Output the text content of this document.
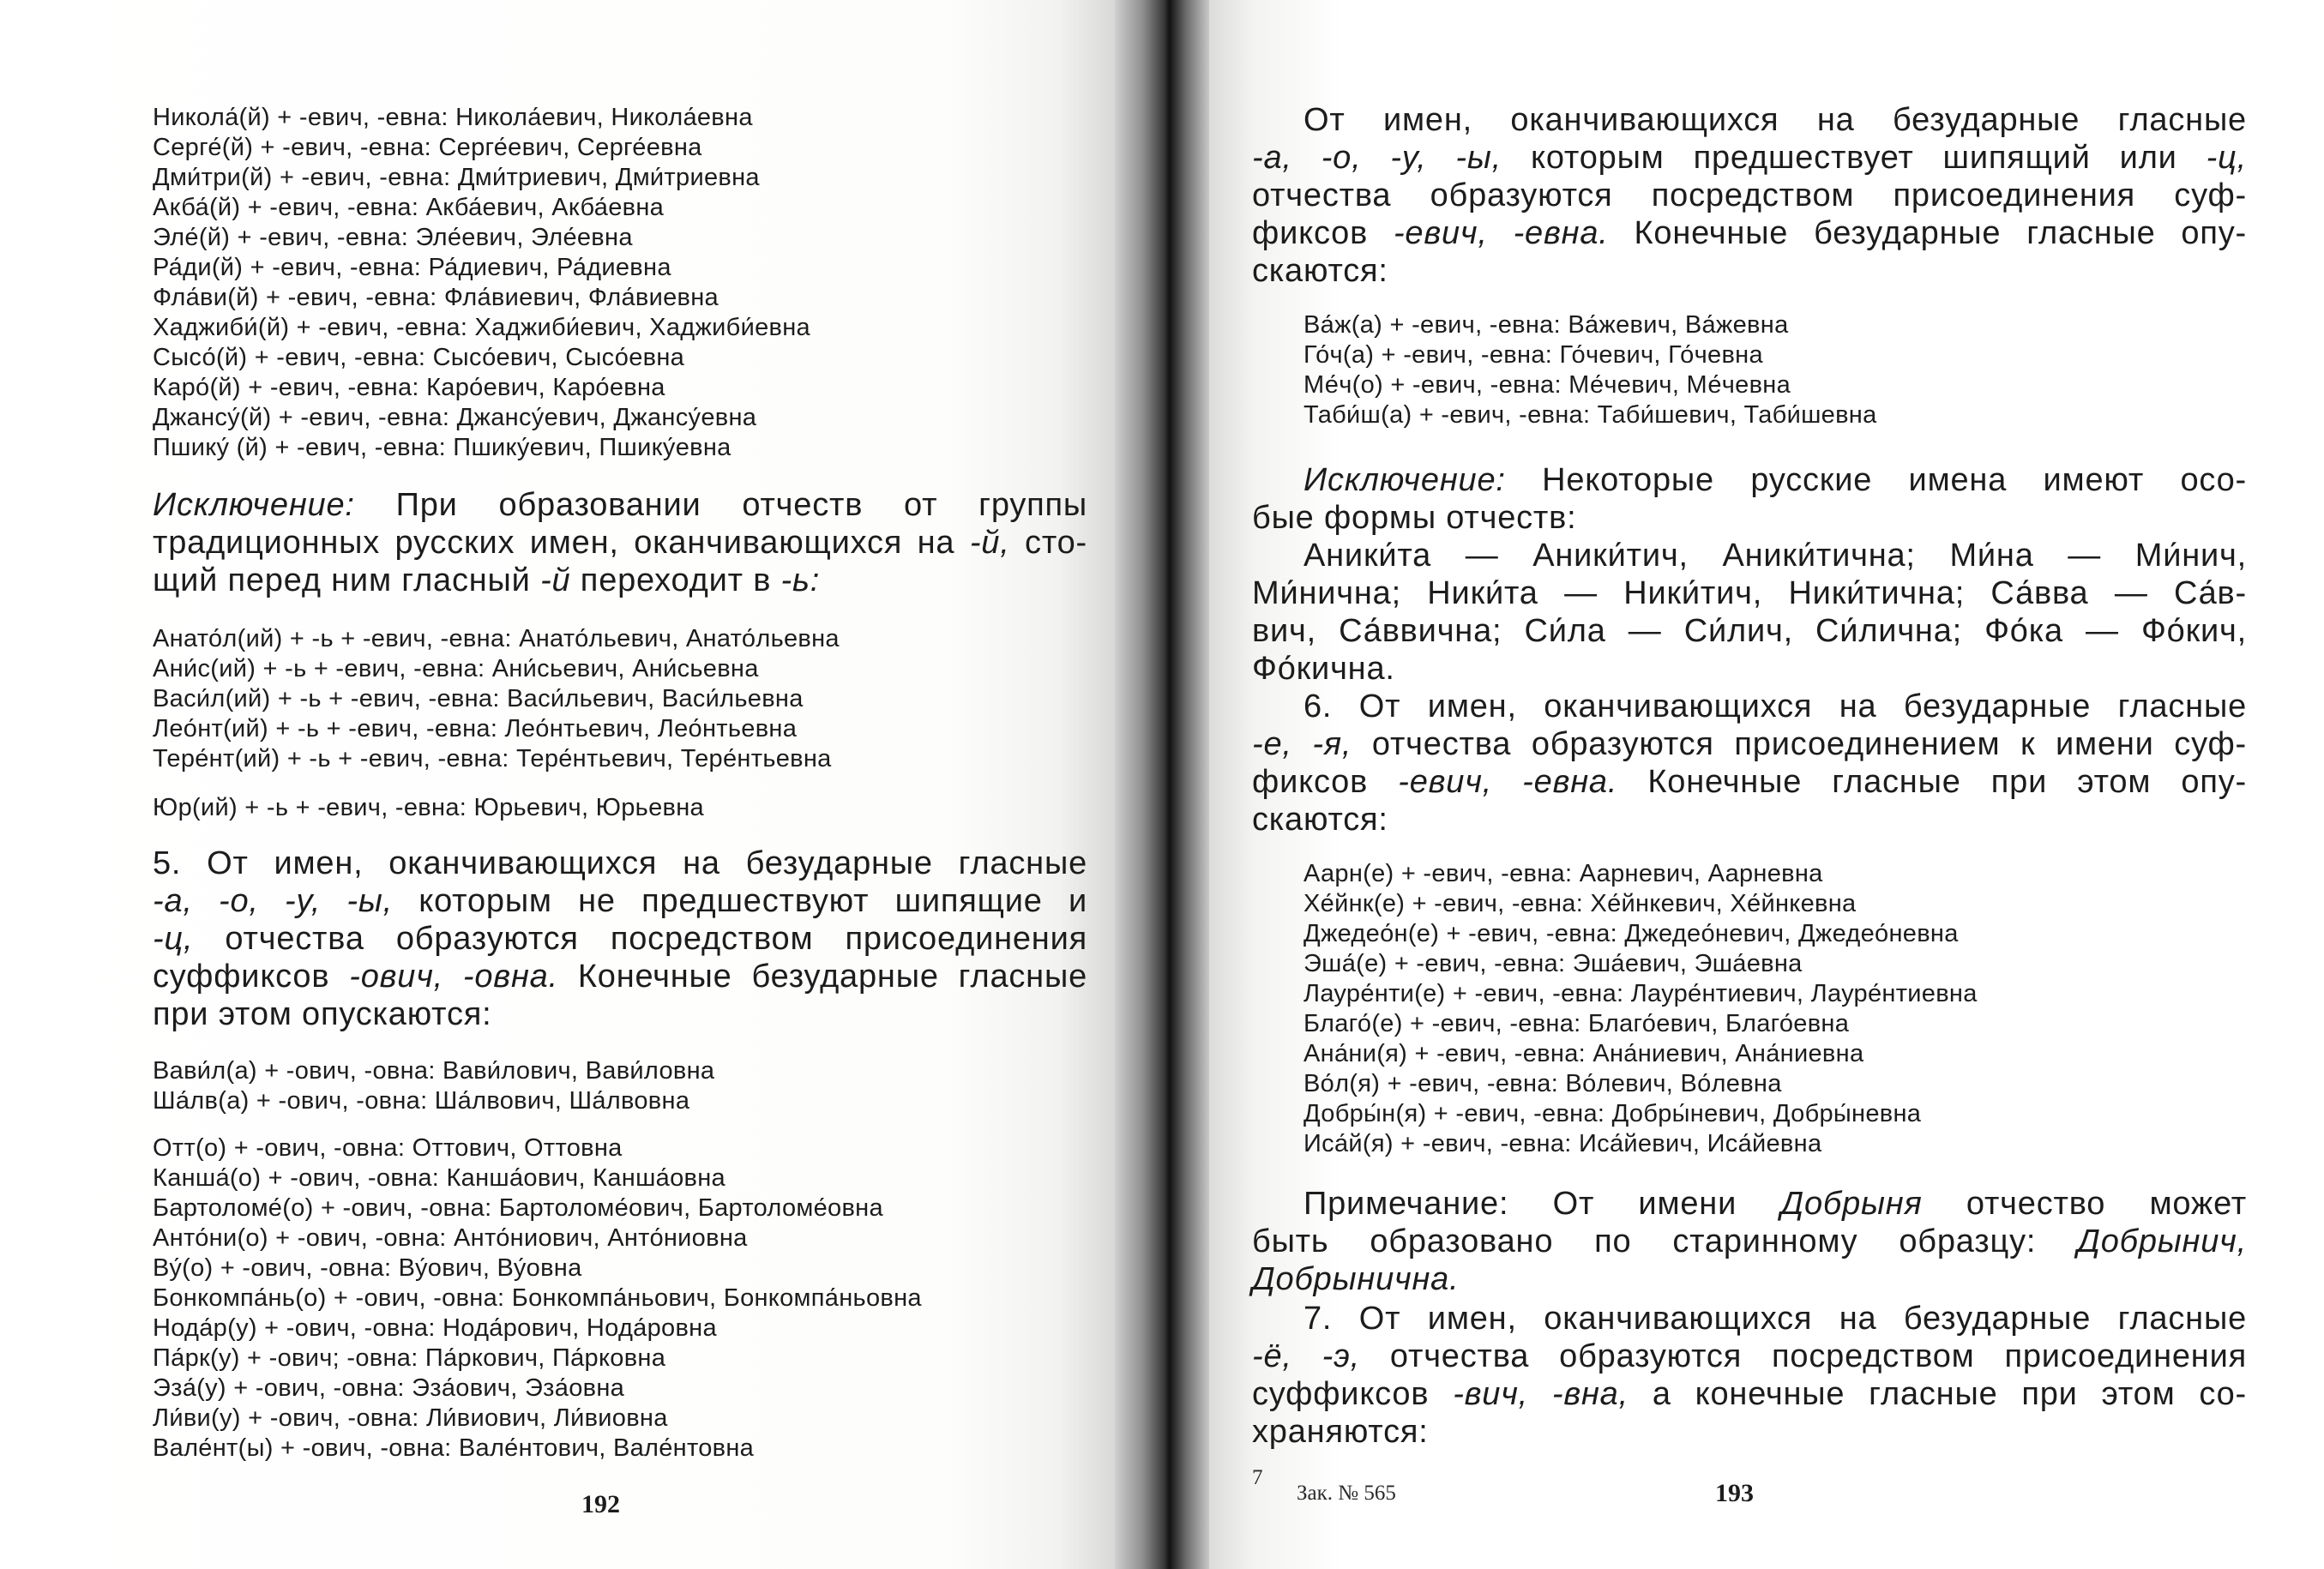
Никола́(й) + -евич, -евна: Никола́евич, Никола́евна
Серге́(й) + -евич, -евна: Серге́евич, Серге́евна
Дми́три(й) + -евич, -евна: Дми́триевич, Дми́триевна
Акба́(й) + -евич, -евна: Акба́евич, Акба́евна
Эле́(й) + -евич, -евна: Эле́евич, Эле́евна
Ра́ди(й) + -евич, -евна: Ра́диевич, Ра́диевна
Фла́ви(й) + -евич, -евна: Фла́виевич, Фла́виевна
Хаджиби́(й) + -евич, -евна: Хаджиби́евич, Хаджиби́евна
Сысо́(й) + -евич, -евна: Сысо́евич, Сысо́евна
Каро́(й) + -евич, -евна: Каро́евич, Каро́евна
Джансу́(й) + -евич, -евна: Джансу́евич, Джансу́евна
Пшику́ (й) + -евич, -евна: Пшику́евич, Пшику́евна
Исключение: При образовании отчеств от группы
традиционных русских имен, оканчивающихся на -й, сто-
щий перед ним гласный -й переходит в -ь:
Анато́л(ий) + -ь + -евич, -евна: Анато́льевич, Анато́льевна
Ани́с(ий) + -ь + -евич, -евна: Ани́сьевич, Ани́сьевна
Васи́л(ий) + -ь + -евич, -евна: Васи́льевич, Васи́льевна
Лео́нт(ий) + -ь + -евич, -евна: Лео́нтьевич, Лео́нтьевна
Тере́нт(ий) + -ь + -евич, -евна: Тере́нтьевич, Тере́нтьевна
Юр(ий) + -ь + -евич, -евна: Юрьевич, Юрьевна
5. От имен, оканчивающихся на безударные гласные
-а, -о, -у, -ы, которым не предшествуют шипящие и
-ц, отчества образуются посредством присоединения
суффиксов -ович, -овна. Конечные безударные гласные
при этом опускаются:
Вави́л(а) + -ович, -овна: Вави́лович, Вави́ловна
Ша́лв(а) + -ович, -овна: Ша́лвович, Ша́лвовна
Отт(о) + -ович, -овна: Оттович, Оттовна
Канша́(о) + -ович, -овна: Канша́ович, Канша́овна
Бартоломе́(о) + -ович, -овна: Бартоломе́ович, Бартоломе́овна
Анто́ни(о) + -ович, -овна: Анто́ниович, Анто́ниовна
Ву́(о) + -ович, -овна: Ву́ович, Ву́овна
Бонкомпа́нь(о) + -ович, -овна: Бонкомпа́ньович, Бонкомпа́ньовна
Нода́р(у) + -ович, -овна: Нода́рович, Нода́ровна
Па́рк(у) + -ович; -овна: Па́ркович, Па́рковна
Эза́(у) + -ович, -овна: Эза́ович, Эза́овна
Ли́ви(у) + -ович, -овна: Ли́виович, Ли́виовна
Вале́нт(ы) + -ович, -овна: Вале́нтович, Вале́нтовна
192
От имен, оканчивающихся на безударные гласные
-а, -о, -у, -ы, которым предшествует шипящий или -ц,
отчества образуются посредством присоединения суф-
фиксов -евич, -евна. Конечные безударные гласные опу-
скаются:
Ва́ж(а) + -евич, -евна: Ва́жевич, Ва́жевна
Го́ч(а) + -евич, -евна: Го́чевич, Го́чевна
Ме́ч(о) + -евич, -евна: Ме́чевич, Ме́чевна
Таби́ш(а) + -евич, -евна: Таби́шевич, Таби́шевна
Исключение: Некоторые русские имена имеют осо-
бые формы отчеств:
Аники́та — Аники́тич, Аники́тична; Ми́на — Ми́нич,
Ми́нична; Ники́та — Ники́тич, Ники́тична; Са́вва — Са́в-
вич, Са́ввична; Си́ла — Си́лич, Си́лична; Фо́ка — Фо́кич,
Фо́кична.
6. От имен, оканчивающихся на безударные гласные
-е, -я, отчества образуются присоединением к имени суф-
фиксов -евич, -евна. Конечные гласные при этом опу-
скаются:
Аарн(е) + -евич, -евна: Аарневич, Аарневна
Хе́йнк(е) + -евич, -евна: Хе́йнкевич, Хе́йнкевна
Джедео́н(е) + -евич, -евна: Джедео́невич, Джедео́невна
Эша́(е) + -евич, -евна: Эша́евич, Эша́евна
Лауре́нти(е) + -евич, -евна: Лауре́нтиевич, Лауре́нтиевна
Благо́(е) + -евич, -евна: Благо́евич, Благо́евна
Ана́ни(я) + -евич, -евна: Ана́ниевич, Ана́ниевна
Во́л(я) + -евич, -евна: Во́левич, Во́левна
Добры́н(я) + -евич, -евна: Добры́невич, Добры́невна
Иса́й(я) + -евич, -евна: Иса́йевич, Иса́йевна
Примечание: От имени Добрыня отчество может
быть образовано по старинному образцу: Добрынич,
Добрынична.
7. От имен, оканчивающихся на безударные гласные
-ё, -э, отчества образуются посредством присоединения
суффиксов -вич, -вна, а конечные гласные при этом со-
храняются:
7
Зак. № 565	193
